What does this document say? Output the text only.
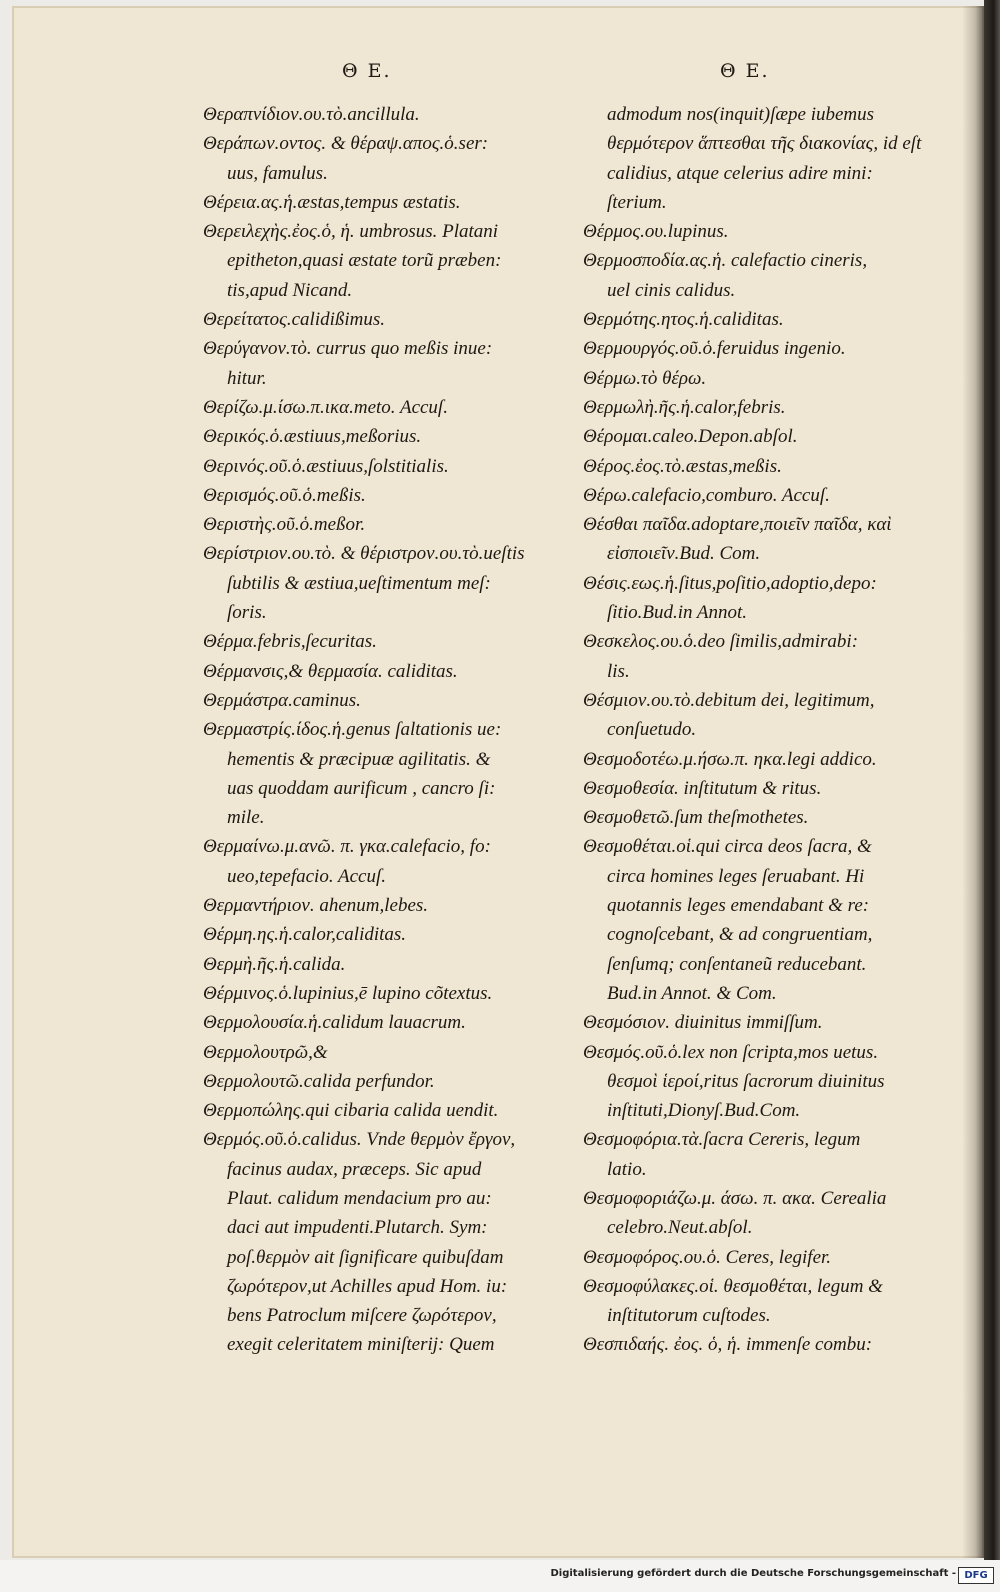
Θ Ε.	Θ Ε.
Θεραπνίδιον.ου.τὸ.ancillula.
Θεράπων.οντος. & θέραψ.απος.ὁ.ser:
uus, famulus.
Θέρεια.ας.ἡ.æstas,tempus æstatis.
Θερειλεχὴς.ἐος.ὁ, ἡ. umbrosus. Platani
epitheton,quasi æstate torũ præben:
tis,apud Nicand.
Θερείτατος.calidißimus.
Θερύγανον.τὸ. currus quo meßis inue:
hitur.
Θερίζω.μ.ίσω.π.ικα.meto. Accuſ.
Θερικός.ὁ.æstiuus,meßorius.
Θερινός.οῦ.ὁ.æstiuus,ſolstitialis.
Θερισμός.οῦ.ὁ.meßis.
Θεριστὴς.οῦ.ὁ.meßor.
Θερίστριον.ου.τὸ. & θέριστρον.ου.τὸ.ueſtis
ſubtilis & æstiua,ueſtimentum meſ:
ſoris.
Θέρμα.febris,ſecuritas.
Θέρμανσις,& θερμασία. caliditas.
Θερμάστρα.caminus.
Θερμαστρίς.ίδος.ἡ.genus ſaltationis ue:
hementis & præcipuæ agilitatis. &
uas quoddam aurificum , cancro ſi:
mile.
Θερμαίνω.μ.ανῶ. π. γκα.calefacio, fo:
ueo,tepefacio. Accuſ.
Θερμαντήριον. ahenum,lebes.
Θέρμη.ης.ἡ.calor,caliditas.
Θερμὴ.ῆς.ἡ.calida.
Θέρμινος.ὁ.lupinius,ē lupino cõtextus.
Θερμολουσία.ἡ.calidum lauacrum.
Θερμολουτρῶ,&
Θερμολουτῶ.calida perfundor.
Θερμοπώλης.qui cibaria calida uendit.
Θερμός.οῦ.ὁ.calidus. Vnde θερμὸν ἔργον,
facinus audax, præceps. Sic apud
Plaut. calidum mendacium pro au:
daci aut impudenti.Plutarch. Sym:
poſ.θερμὸν ait ſignificare quibuſdam
ζωρότερον,ut Achilles apud Hom. iu:
bens Patroclum miſcere ζωρότερον,
exegit celeritatem miniſterij: Quem
admodum nos(inquit)ſæpe iubemus
θερμότερον ἅπτεσθαι τῆς διακονίας, id eſt
calidius, atque celerius adire mini:
ſterium.
Θέρμος.ου.lupinus.
Θερμοσποδία.ας.ἡ. calefactio cineris,
uel cinis calidus.
Θερμότης.ητος.ἡ.caliditas.
Θερμουργός.οῦ.ὁ.feruidus ingenio.
Θέρμω.τὸ θέρω.
Θερμωλὴ.ῆς.ἡ.calor,febris.
Θέρομαι.caleo.Depon.abſol.
Θέρος.ἐος.τὸ.æstas,meßis.
Θέρω.calefacio,comburo. Accuſ.
Θέσθαι παῖδα.adoptare,ποιεῖν παῖδα, καὶ
εἰσποιεῖν.Bud. Com.
Θέσις.εως.ἡ.ſitus,poſitio,adoptio,depo:
ſitio.Bud.in Annot.
Θεσκελος.ου.ὁ.deo ſimilis,admirabi:
lis.
Θέσμιον.ου.τὸ.debitum dei, legitimum,
conſuetudo.
Θεσμοδοτέω.μ.ήσω.π. ηκα.legi addico.
Θεσμοθεσία. inſtitutum & ritus.
Θεσμοθετῶ.ſum theſmothetes.
Θεσμοθέται.οἱ.qui circa deos ſacra, &
circa homines leges ſeruabant. Hi
quotannis leges emendabant & re:
cognoſcebant, & ad congruentiam,
ſenſumq; conſentaneũ reducebant.
Bud.in Annot. & Com.
Θεσμόσιον. diuinitus immiſſum.
Θεσμός.οῦ.ὁ.lex non ſcripta,mos uetus.
θεσμοὶ ἱεροί,ritus ſacrorum diuinitus
inſtituti,Dionyſ.Bud.Com.
Θεσμοφόρια.τὰ.ſacra Cereris, legum
latio.
Θεσμοφοριάζω.μ. άσω. π. ακα. Cerealia
celebro.Neut.abſol.
Θεσμοφόρος.ου.ὁ. Ceres, legifer.
Θεσμοφύλακες.οἱ. θεσμοθέται, legum &
inſtitutorum cuſtodes.
Θεσπιδαής. ἐος. ὁ, ἡ. immenſe combu:
Digitalisierung gefördert durch die Deutsche Forschungsgemeinschaft - DFG
